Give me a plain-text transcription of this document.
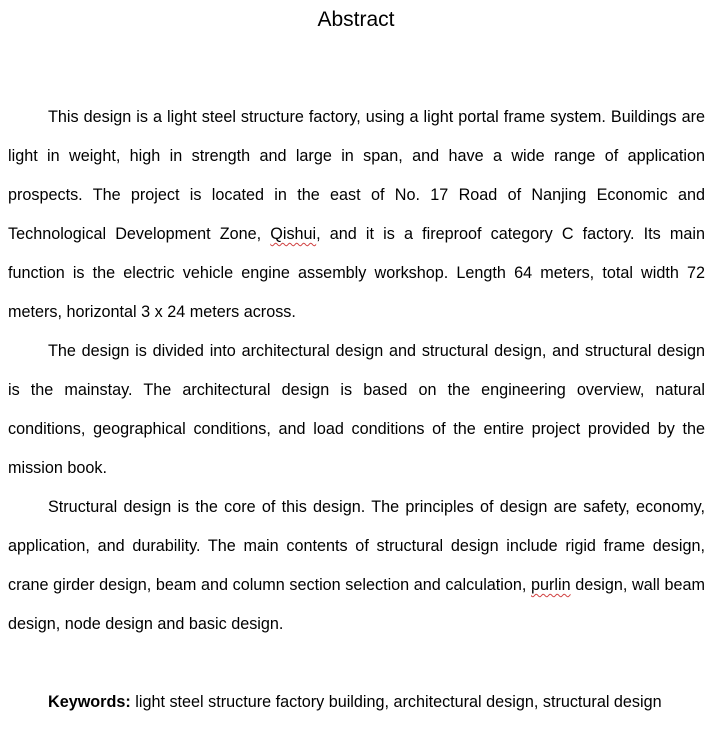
Abstract

This design is a light steel structure factory, using a light portal frame system. Buildings are light in weight, high in strength and large in span, and have a wide range of application prospects. The project is located in the east of No. 17 Road of Nanjing Economic and Technological Development Zone, Qishui, and it is a fireproof category C factory. Its main function is the electric vehicle engine assembly workshop. Length 64 meters, total width 72 meters, horizontal 3 x 24 meters across.

The design is divided into architectural design and structural design, and structural design is the mainstay. The architectural design is based on the engineering overview, natural conditions, geographical conditions, and load conditions of the entire project provided by the mission book.

Structural design is the core of this design. The principles of design are safety, economy, application, and durability. The main contents of structural design include rigid frame design, crane girder design, beam and column section selection and calculation, purlin design, wall beam design, node design and basic design.

Keywords: light steel structure factory building, architectural design, structural design
